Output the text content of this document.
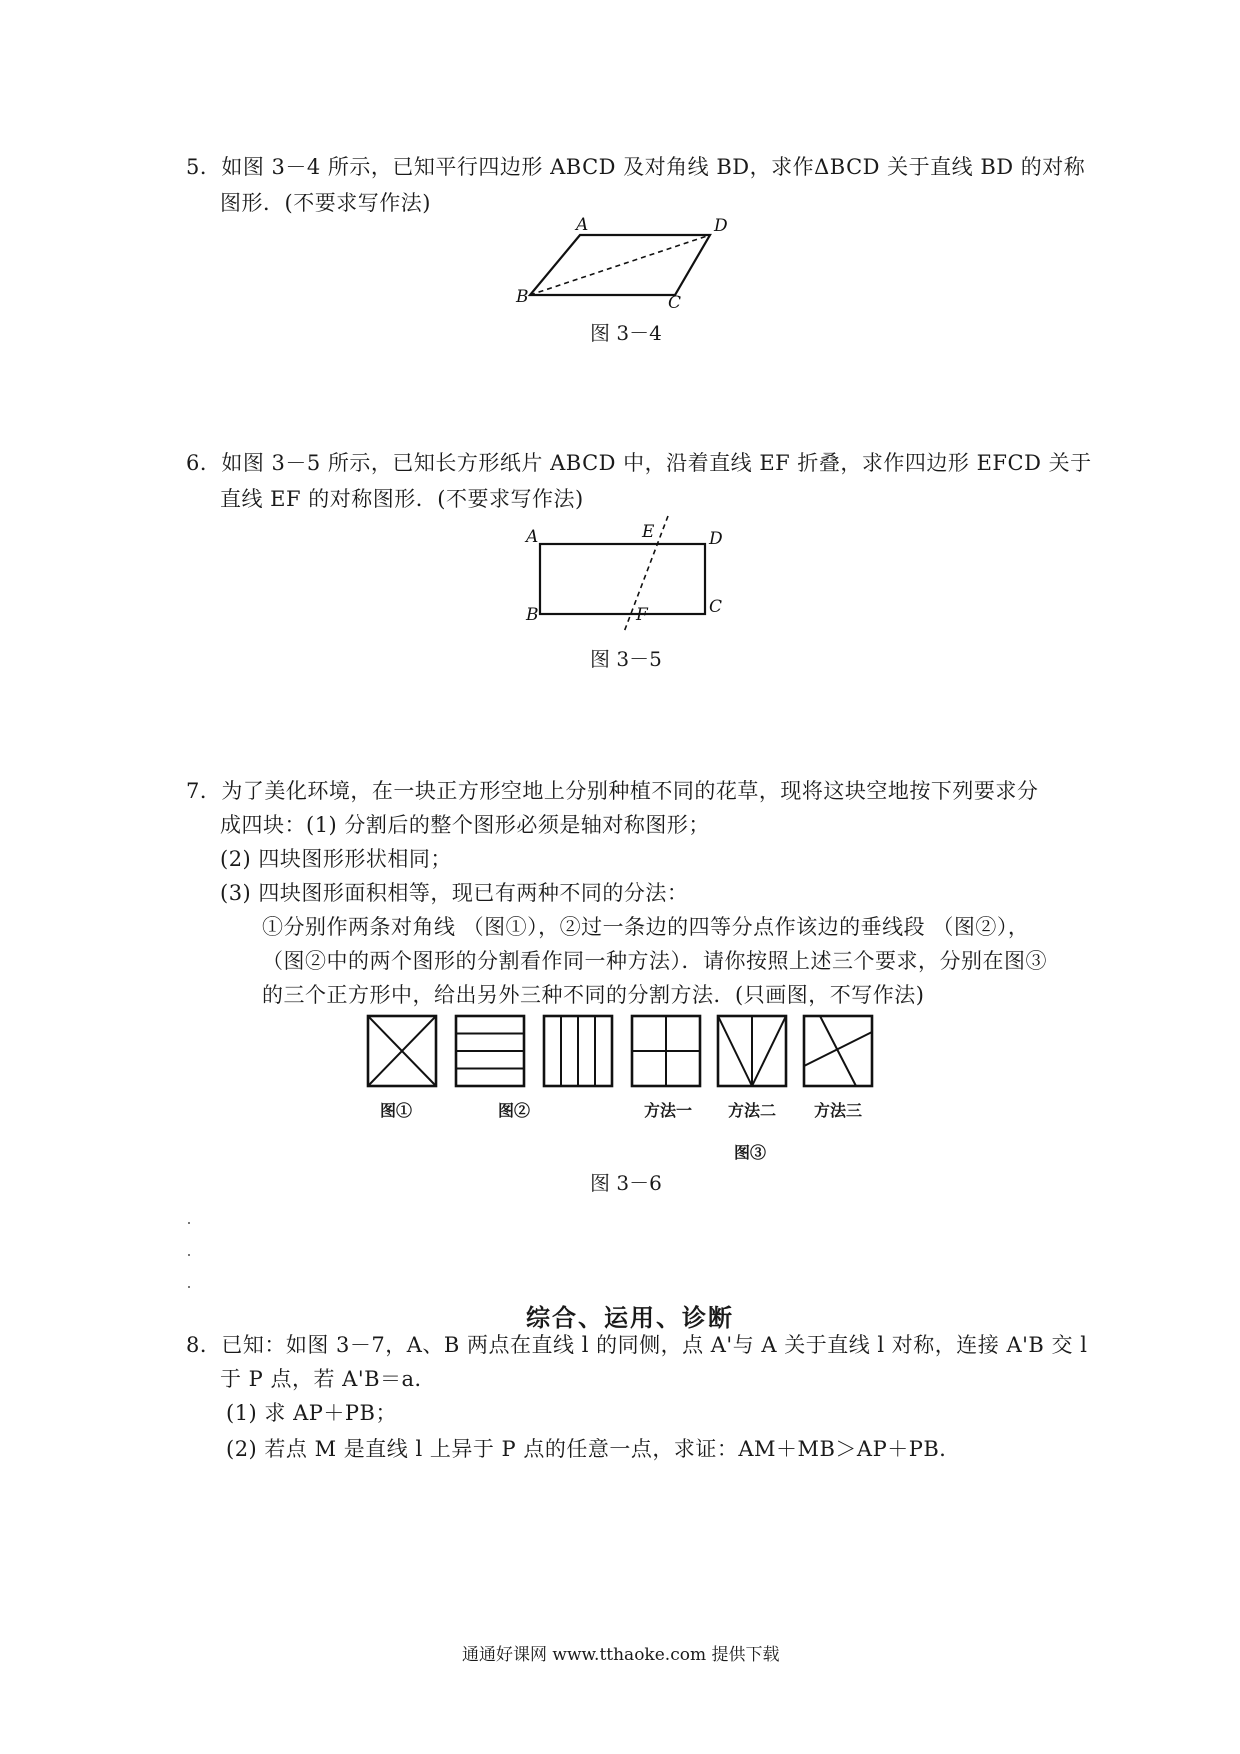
5．如图 3－4 所示，已知平行四边形 ABCD 及对角线 BD，求作ΔBCD 关于直线 BD 的对称
图形．(不要求写作法)
A	D
B	C
图 3－4
6．如图 3－5 所示，已知长方形纸片 ABCD 中，沿着直线 EF 折叠，求作四边形 EFCD 关于
直线 EF 的对称图形．(不要求写作法)
A	D
B	C
E
F
图 3－5
7．为了美化环境，在一块正方形空地上分别种植不同的花草，现将这块空地按下列要求分
成四块：(1) 分割后的整个图形必须是轴对称图形；
(2) 四块图形形状相同；
(3) 四块图形面积相等，现已有两种不同的分法：
①分别作两条对角线 （图①），②过一条边的四等分点作该边的垂线段 （图②），
（图②中的两个图形的分割看作同一种方法）．请你按照上述三个要求，分别在图③
的三个正方形中，给出另外三种不同的分割方法．(只画图，不写作法)
图①	图②	方法一 方法二 方法三
图③
图 3－6
综合、运用、诊断
8．已知：如图 3－7，A、B 两点在直线 l 的同侧，点 A'与 A 关于直线 l 对称，连接 A'B 交 l
于 P 点，若 A'B＝a．
(1) 求 AP＋PB；
(2) 若点 M 是直线 l 上异于 P 点的任意一点，求证：AM＋MB＞AP＋PB．
通通好课网 www.tthaoke.com 提供下载
